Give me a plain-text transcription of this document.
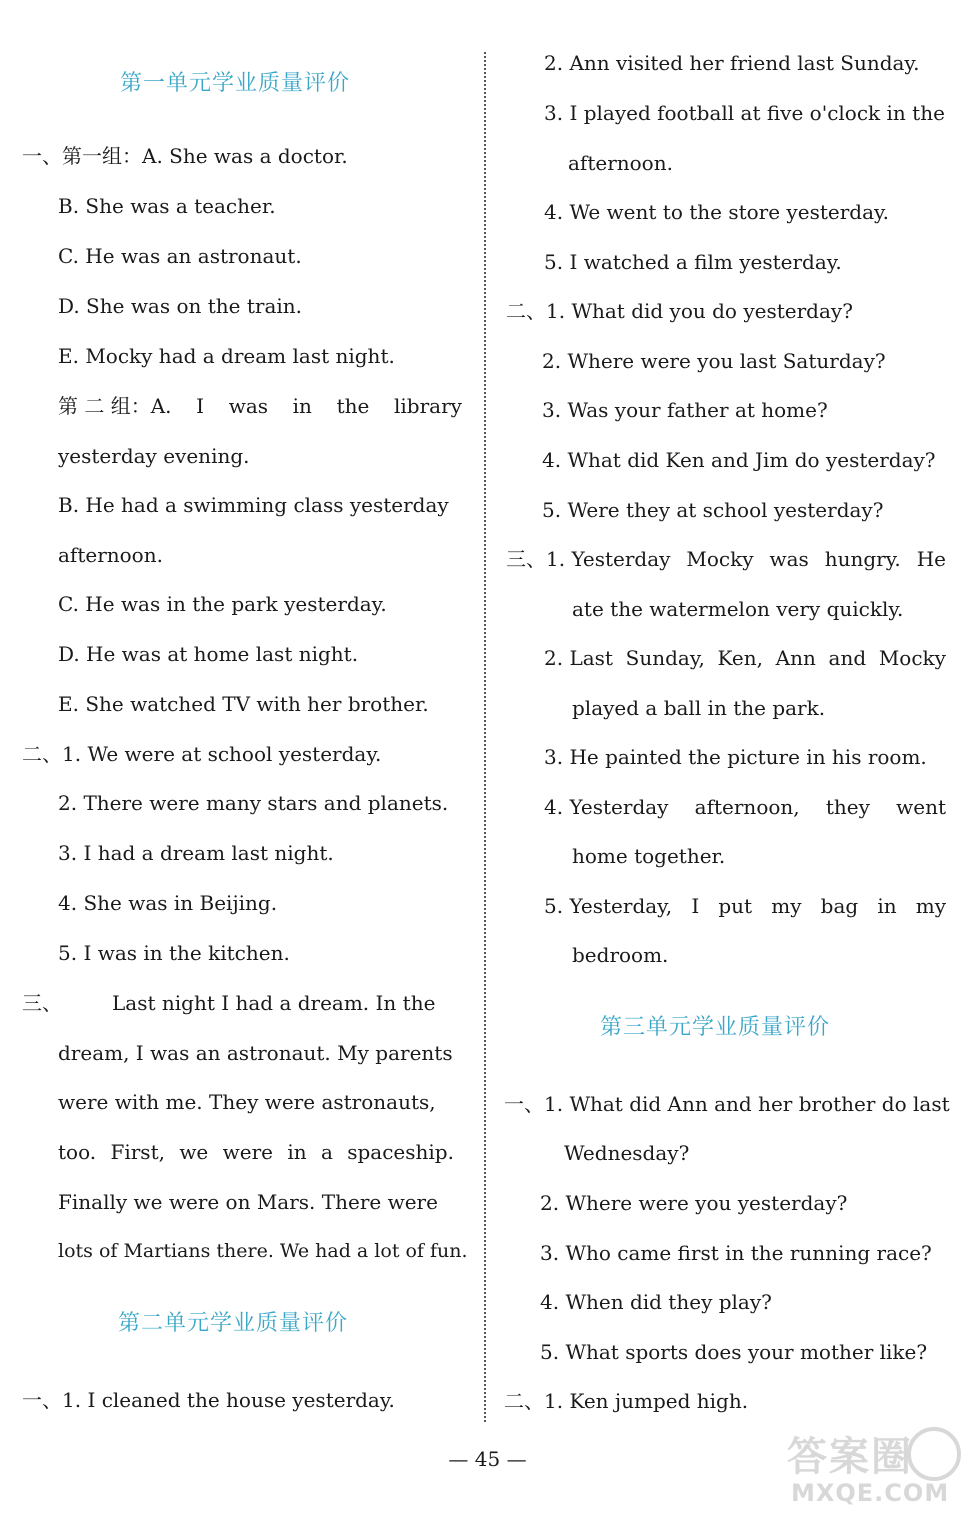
第一单元学业质量评价
一、第一组：A. She was a doctor.
B. She was a teacher.
C. He was an astronaut.
D. She was on the train.
E. Mocky had a dream last night.
第 二 组：A. I was in the library
yesterday evening.
B. He had a swimming class yesterday
afternoon.
C. He was in the park yesterday.
D. He was at home last night.
E. She watched TV with her brother.
二、1. We were at school yesterday.
2. There were many stars and planets.
3. I had a dream last night.
4. She was in Beijing.
5. I was in the kitchen.
三、	Last night I had a dream. In the
dream, I was an astronaut. My parents
were with me. They were astronauts,
too. First, we were in a spaceship.
Finally we were on Mars. There were
lots of Martians there. We had a lot of fun.
第二单元学业质量评价
一、1. I cleaned the house yesterday.
2. Ann visited her friend last Sunday.
3. I played football at five o'clock in the
afternoon.
4. We went to the store yesterday.
5. I watched a film yesterday.
二、1. What did you do yesterday?
2. Where were you last Saturday?
3. Was your father at home?
4. What did Ken and Jim do yesterday?
5. Were they at school yesterday?
三、1. Yesterday Mocky was hungry. He
ate the watermelon very quickly.
2. Last Sunday, Ken, Ann and Mocky
played a ball in the park.
3. He painted the picture in his room.
4. Yesterday afternoon, they went
home together.
5. Yesterday, I put my bag in my
bedroom.
第三单元学业质量评价
一、1. What did Ann and her brother do last
Wednesday?
2. Where were you yesterday?
3. Who came first in the running race?
4. When did they play?
5. What sports does your mother like?
二、1. Ken jumped high.
— 45 —	答案圈
MXQE.COM
